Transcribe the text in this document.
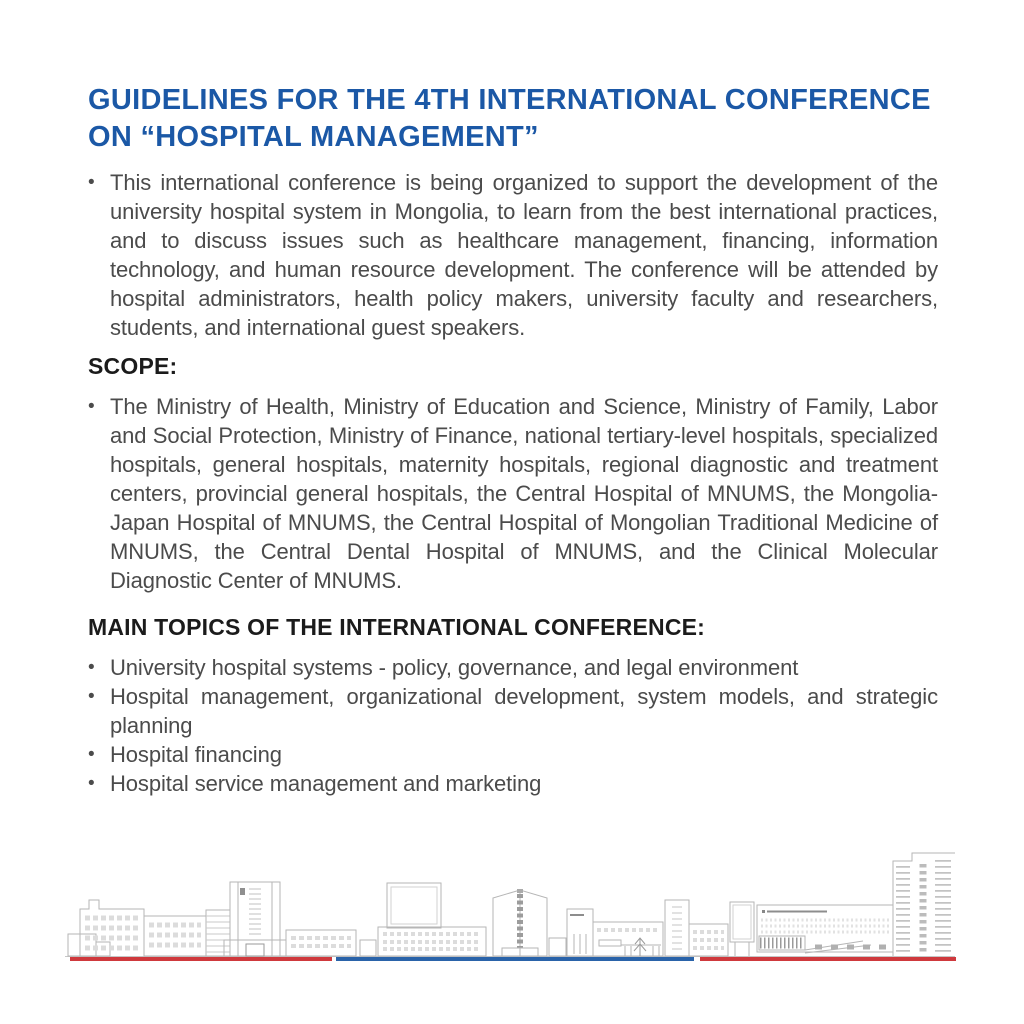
GUIDELINES FOR THE 4TH INTERNATIONAL CONFERENCE
ON “HOSPITAL MANAGEMENT”
• This international conference is being organized to support the development of the university hospital system in Mongolia, to learn from the best international practices, and to discuss issues such as healthcare management, financing, information technology, and human resource development. The conference will be attended by hospital administrators, health policy makers, university faculty and researchers, students, and international guest speakers.
SCOPE:
• The Ministry of Health, Ministry of Education and Science, Ministry of Family, Labor and Social Protection, Ministry of Finance, national tertiary-level hospitals, specialized hospitals, general hospitals, maternity hospitals, regional diagnostic and treatment centers, provincial general hospitals, the Central Hospital of MNUMS, the Mongolia-Japan Hospital of MNUMS, the Central Hospital of Mongolian Traditional Medicine of MNUMS, the Central Dental Hospital of MNUMS, and the Clinical Molecular Diagnostic Center of MNUMS.
MAIN TOPICS OF THE INTERNATIONAL CONFERENCE:
• University hospital systems - policy, governance, and legal environment
• Hospital management, organizational development, system models, and strategic planning
• Hospital financing
• Hospital service management and marketing
